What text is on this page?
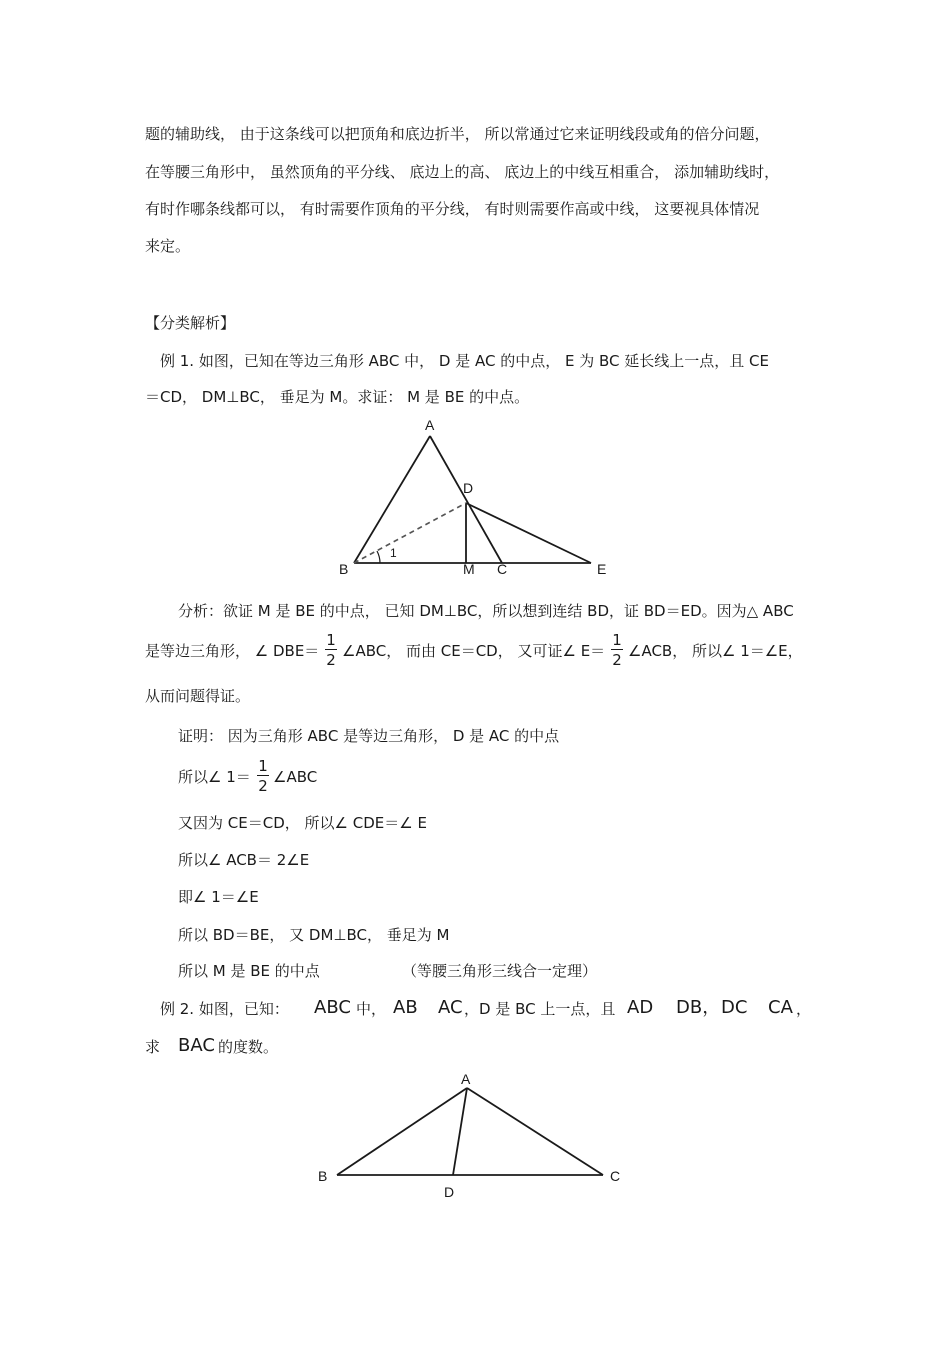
题的辅助线， 由于这条线可以把顶角和底边折半， 所以常通过它来证明线段或角的倍分问题，
在等腰三角形中， 虽然顶角的平分线、 底边上的高、 底边上的中线互相重合， 添加辅助线时，
有时作哪条线都可以， 有时需要作顶角的平分线， 有时则需要作高或中线， 这要视具体情况
来定。
【分类解析】
例 1. 如图，已知在等边三角形 ABC 中， D 是 AC 的中点， E 为 BC 延长线上一点，且 CE
＝CD， DM⊥BC， 垂足为 M。求证： M 是 BE 的中点。
A
D
B	M C	E
1
A
B
D
C
分析：欲证 M 是 BE 的中点， 已知 DM⊥BC，所以想到连结 BD，证 BD＝ED。因为△ ABC
是等边三角形， ∠ DBE＝
1
2 ∠ABC， 而由 CE＝CD， 又可证∠ E＝
1
2 ∠ACB， 所以∠ 1＝∠E，
从而问题得证。
证明： 因为三角形 ABC 是等边三角形， D 是 AC 的中点
所以∠ 1＝
1
2 ∠ABC
又因为 CE＝CD， 所以∠ CDE＝∠ E
所以∠ ACB＝ 2∠E
即∠ 1＝∠E
所以 BD＝BE， 又 DM⊥BC， 垂足为 M
所以 M 是 BE 的中点	（等腰三角形三线合一定理）
例 2. 如图，已知： ABC 中， AB AC ，D 是 BC 上一点，且 AD DB， DC CA ，
求 BAC 的度数。
